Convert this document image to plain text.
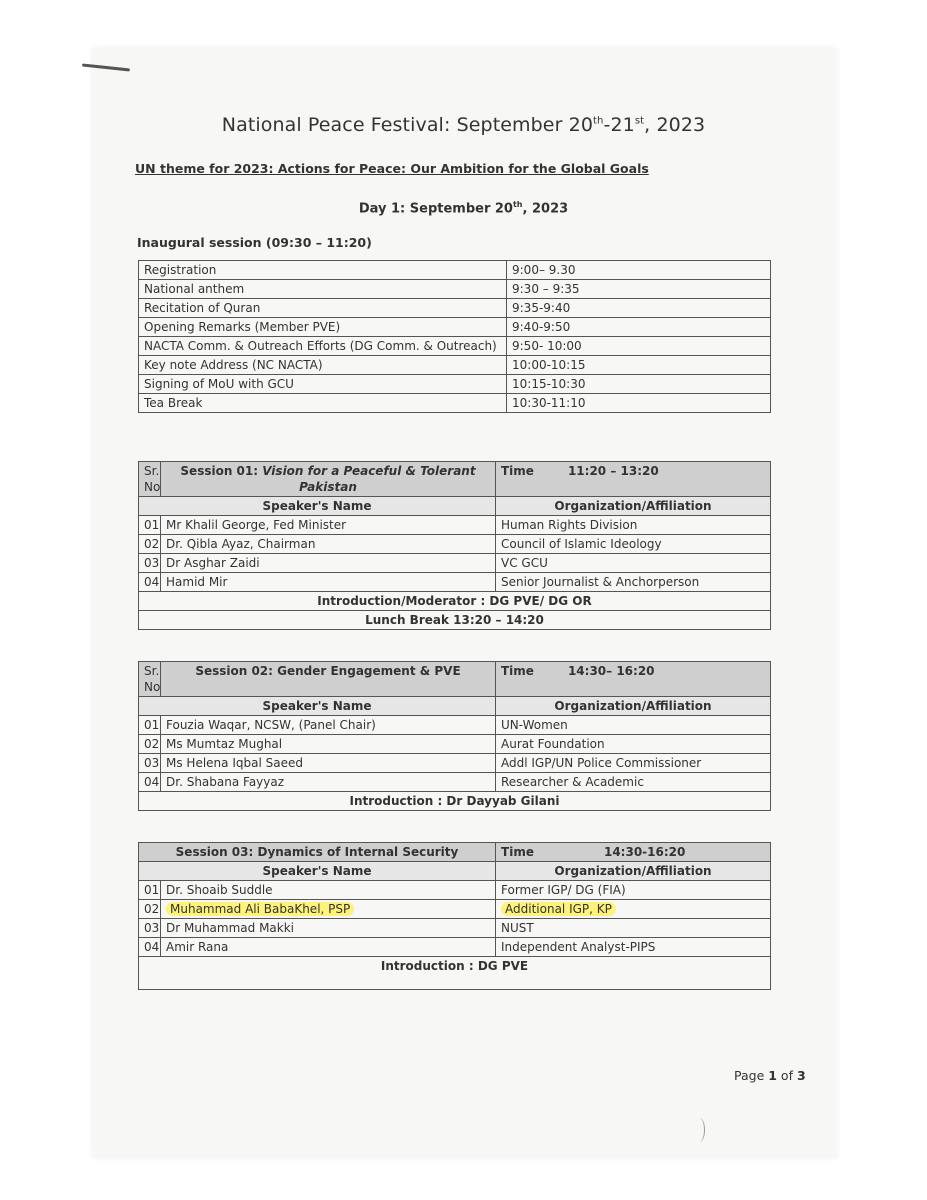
National Peace Festival: September 20th-21st, 2023
UN theme for 2023: Actions for Peace: Our Ambition for the Global Goals
Day 1: September 20th, 2023
Inaugural session (09:30 – 11:20)
Registration	9:00– 9.30
National anthem	9:30 – 9:35
Recitation of Quran	9:35-9:40
Opening Remarks (Member PVE)	9:40-9:50
NACTA Comm. & Outreach Efforts (DG Comm. & Outreach)	9:50- 10:00
Key note Address (NC NACTA)	10:00-10:15
Signing of MoU with GCU	10:15-10:30
Tea Break	10:30-11:10
Sr. No	Session 01: Vision for a Peaceful & Tolerant Pakistan	Time 11:20 – 13:20
Speaker's Name		Organization/Affiliation
01	Mr Khalil George, Fed Minister	Human Rights Division
02	Dr. Qibla Ayaz, Chairman	Council of Islamic Ideology
03	Dr Asghar Zaidi	VC GCU
04	Hamid Mir	Senior Journalist & Anchorperson
Introduction/Moderator : DG PVE/ DG OR		
Lunch Break 13:20 – 14:20		
Sr. No	Session 02: Gender Engagement & PVE	Time 14:30– 16:20
Speaker's Name		Organization/Affiliation
01	Fouzia Waqar, NCSW, (Panel Chair)	UN-Women
02	Ms Mumtaz Mughal	Aurat Foundation
03	Ms Helena Iqbal Saeed	Addl IGP/UN Police Commissioner
04	Dr. Shabana Fayyaz	Researcher & Academic
Introduction : Dr Dayyab Gilani		
Session 03: Dynamics of Internal Security		Time 14:30-16:20
Speaker's Name		Organization/Affiliation
01	Dr. Shoaib Suddle	Former IGP/ DG (FIA)
02	Muhammad Ali BabaKhel, PSP	Additional IGP, KP
03	Dr Muhammad Makki	NUST
04	Amir Rana	Independent Analyst-PIPS
Introduction : DG PVE		
Page 1 of 3
